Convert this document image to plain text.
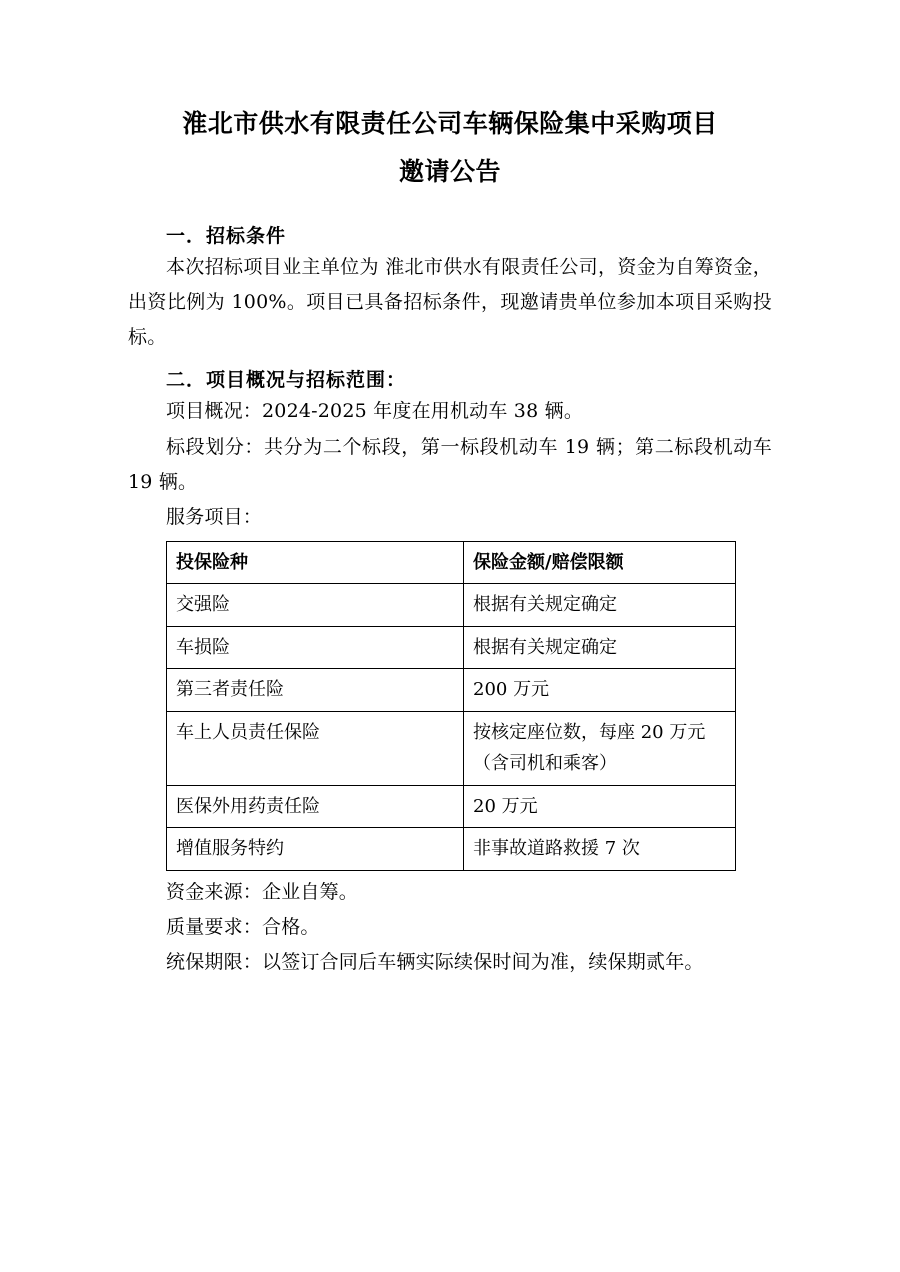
淮北市供水有限责任公司车辆保险集中采购项目
邀请公告
一．招标条件

本次招标项目业主单位为 淮北市供水有限责任公司，资金为自筹资金，出资比例为 100%。项目已具备招标条件，现邀请贵单位参加本项目采购投标。

二．项目概况与招标范围：

项目概况：2024-2025 年度在用机动车 38 辆。

标段划分：共分为二个标段，第一标段机动车 19 辆；第二标段机动车 19 辆。

服务项目：

投保险种	保险金额/赔偿限额
交强险	根据有关规定确定
车损险	根据有关规定确定
第三者责任险	200 万元
车上人员责任保险	按核定座位数，每座 20 万元（含司机和乘客）
医保外用药责任险	20 万元
增值服务特约	非事故道路救援 7 次

资金来源：企业自筹。

质量要求：合格。

统保期限：以签订合同后车辆实际续保时间为准，续保期贰年。
